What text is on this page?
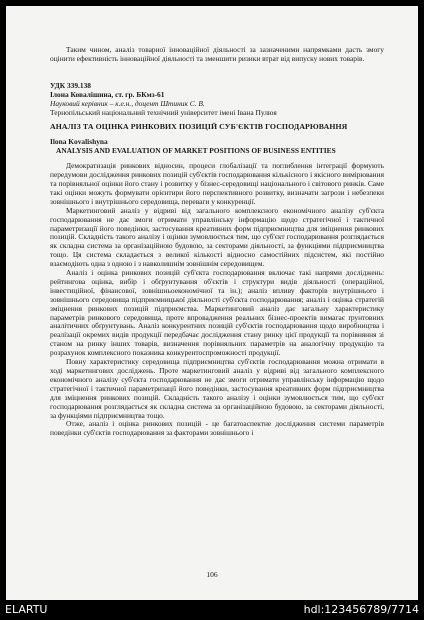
Таким чином, аналіз товарної інноваційної діяльності за зазначеними напрямками дасть змогу оцінити ефективність інноваційної діяльності та зменшити ризики втрат від випуску нових товарів.

УДК 339.138

Ілона Ковалішина, ст. гр. БКмз-61

Науковий керівник – к.е.н., доцент Штиник С. В.

Тернопільський національний технічний університет імені Івана Пулюя

АНАЛІЗ ТА ОЦІНКА РИНКОВИХ ПОЗИЦІЙ СУБ'ЄКТІВ ГОСПОДАРЮВАННЯ

Ilona Kovalishyna

ANALYSIS AND EVALUATION OF MARKET POSITIONS OF BUSINESS ENTITIES

Демократизація ринкових відносин, процеси глобалізації та поглиблення інтеграції формують передумови дослідження ринкових позицій суб'єктів господарювання кількісного і якісного вимірювання та порівняльної оцінки його стану і розвитку у бізнес-середовищі національного і світового ринків. Саме такі оцінки можуть формувати орієнтири його перспективного розвитку, визначати загрози і небезпеки зовнішнього і внутрішнього середовища, переваги у конкуренції.

Маркетинговий аналіз у відриві від загального комплексного економічного аналізу суб'єкта господарювання не дає змоги отримати управлінську інформацію щодо стратегічної і тактичної параметризації його поведінки, застосування креативних форм підприємництва для зміцнення ринкових позицій. Складність такого аналізу і оцінки зумовлюється тим, що суб'єкт господарювання розглядається як складна система за організаційною будовою, за секторами діяльності, за функціями підприємництва тощо. Ця система складається з великої кількості відносно самостійних підсистем, які постійно взаємодіють одна з одною і з навколишнім зовнішнім середовищем.

Аналіз і оцінка ринкових позицій суб'єкта господарювання включає такі напрями досліджень: рейтингова оцінка, вибір і обґрунтування об'єктів і структури видів діяльності (операційної, інвестиційної, фінансової, зовнішньоекономічної та ін.); аналіз впливу факторів внутрішнього і зовнішнього середовища підприємницької діяльності суб'єкта господарювання; аналіз і оцінка стратегій зміцнення ринкових позицій підприємства. Маркетинговий аналіз дає загальну характеристику параметрів ринкового середовища, проте впровадження реальних бізнес-проектів вимагає ґрунтовних аналітичних обґрунтувань. Аналіз конкурентних позицій суб'єктів господарювання щодо виробництва і реалізації окремих видів продукції передбачає дослідження стану ринку цієї продукції та порівняння зі станом на ринку інших товарів, визначення порівняльних параметрів на аналогічну продукцію та розрахунок комплексного показника конкурентоспроможності продукції.

Повну характеристику середовища підприємництва суб'єктів господарювання можна отримати в ході маркетингових досліджень. Проте маркетинговий аналіз у відриві від загального комплексного економічного аналізу суб'єкта господарювання не дає змоги отримати управлінську інформацію щодо стратегічної і тактичної параметризації його поведінки, застосування креативних форм підприємництва для зміцнення ринкових позицій. Складність такого аналізу і оцінки зумовлюється тим, що суб'єкт господарювання розглядається як складна система за організаційною будовою, за секторами діяльності, за функціями підприємництва тощо.

Отже, аналіз і оцінка ринкових позицій - це багатоаспектне дослідження системи параметрів поведінки суб'єктів господарювання за факторами зовнішнього і

106
ELARTU	hdl:123456789/7714
